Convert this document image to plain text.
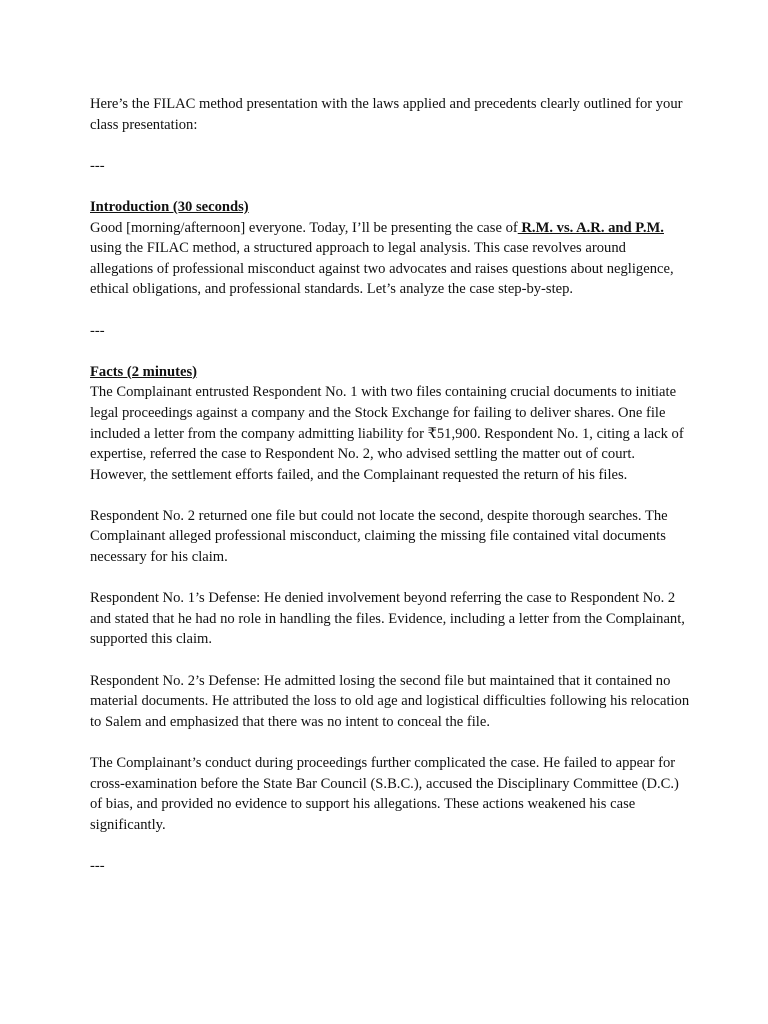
Here’s the FILAC method presentation with the laws applied and precedents clearly outlined for your class presentation:

---

Introduction (30 seconds)

Good [morning/afternoon] everyone. Today, I’ll be presenting the case of R.M. vs. A.R. and P.M. using the FILAC method, a structured approach to legal analysis. This case revolves around allegations of professional misconduct against two advocates and raises questions about negligence, ethical obligations, and professional standards. Let’s analyze the case step-by-step.

---

Facts (2 minutes)

The Complainant entrusted Respondent No. 1 with two files containing crucial documents to initiate legal proceedings against a company and the Stock Exchange for failing to deliver shares. One file included a letter from the company admitting liability for ₹51,900. Respondent No. 1, citing a lack of expertise, referred the case to Respondent No. 2, who advised settling the matter out of court. However, the settlement efforts failed, and the Complainant requested the return of his files.

Respondent No. 2 returned one file but could not locate the second, despite thorough searches. The Complainant alleged professional misconduct, claiming the missing file contained vital documents necessary for his claim.

Respondent No. 1’s Defense: He denied involvement beyond referring the case to Respondent No. 2 and stated that he had no role in handling the files. Evidence, including a letter from the Complainant, supported this claim.

Respondent No. 2’s Defense: He admitted losing the second file but maintained that it contained no material documents. He attributed the loss to old age and logistical difficulties following his relocation to Salem and emphasized that there was no intent to conceal the file.

The Complainant’s conduct during proceedings further complicated the case. He failed to appear for cross-examination before the State Bar Council (S.B.C.), accused the Disciplinary Committee (D.C.) of bias, and provided no evidence to support his allegations. These actions weakened his case significantly.

---
